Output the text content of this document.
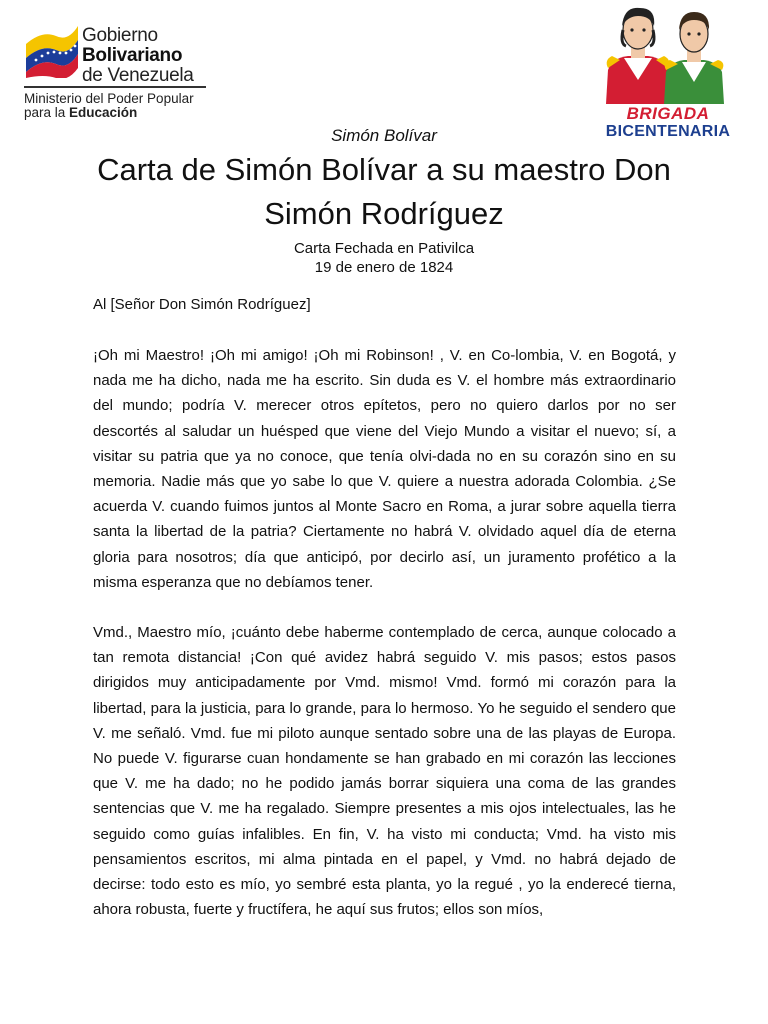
Gobierno
Bolivariano
de Venezuela
Ministerio del Poder Popular
para la Educación	BRIGADA
BICENTENARIA
Simón Bolívar
Carta de Simón Bolívar a su maestro Don Simón Rodríguez
Carta Fechada en Pativilca
19 de enero de 1824
Al [Señor Don Simón Rodríguez]

¡Oh mi Maestro! ¡Oh mi amigo! ¡Oh mi Robinson! , V. en Co-lombia, V. en Bogotá, y nada me ha dicho, nada me ha escrito. Sin duda es V. el hombre más extraordinario del mundo; podría V. merecer otros epítetos, pero no quiero darlos por no ser descortés al saludar un huésped que viene del Viejo Mundo a visitar el nuevo; sí, a visitar su patria que ya no conoce, que tenía olvi-dada no en su corazón sino en su memoria. Nadie más que yo sabe lo que V. quiere a nuestra adorada Colombia. ¿Se acuerda V. cuando fuimos juntos al Monte Sacro en Roma, a jurar sobre aquella tierra santa la libertad de la patria? Ciertamente no habrá V. olvidado aquel día de eterna gloria para nosotros; día que anticipó, por decirlo así, un juramento profético a la misma esperanza que no debíamos tener.

Vmd., Maestro mío, ¡cuánto debe haberme contemplado de cerca, aunque colocado a tan remota distancia! ¡Con qué avidez habrá seguido V. mis pasos; estos pasos dirigidos muy anticipadamente por Vmd. mismo! Vmd. formó mi corazón para la libertad, para la justicia, para lo grande, para lo hermoso. Yo he seguido el sendero que V. me señaló. Vmd. fue mi piloto aunque sentado sobre una de las playas de Europa. No puede V. figurarse cuan hondamente se han grabado en mi corazón las lecciones que V. me ha dado; no he podido jamás borrar siquiera una coma de las grandes sentencias que V. me ha regalado. Siempre presentes a mis ojos intelectuales, las he seguido como guías infalibles. En fin, V. ha visto mi conducta; Vmd. ha visto mis pensamientos escritos, mi alma pintada en el papel, y Vmd. no habrá dejado de decirse: todo esto es mío, yo sembré esta planta, yo la regué , yo la enderecé tierna, ahora robusta, fuerte y fructífera, he aquí sus frutos; ellos son míos,
